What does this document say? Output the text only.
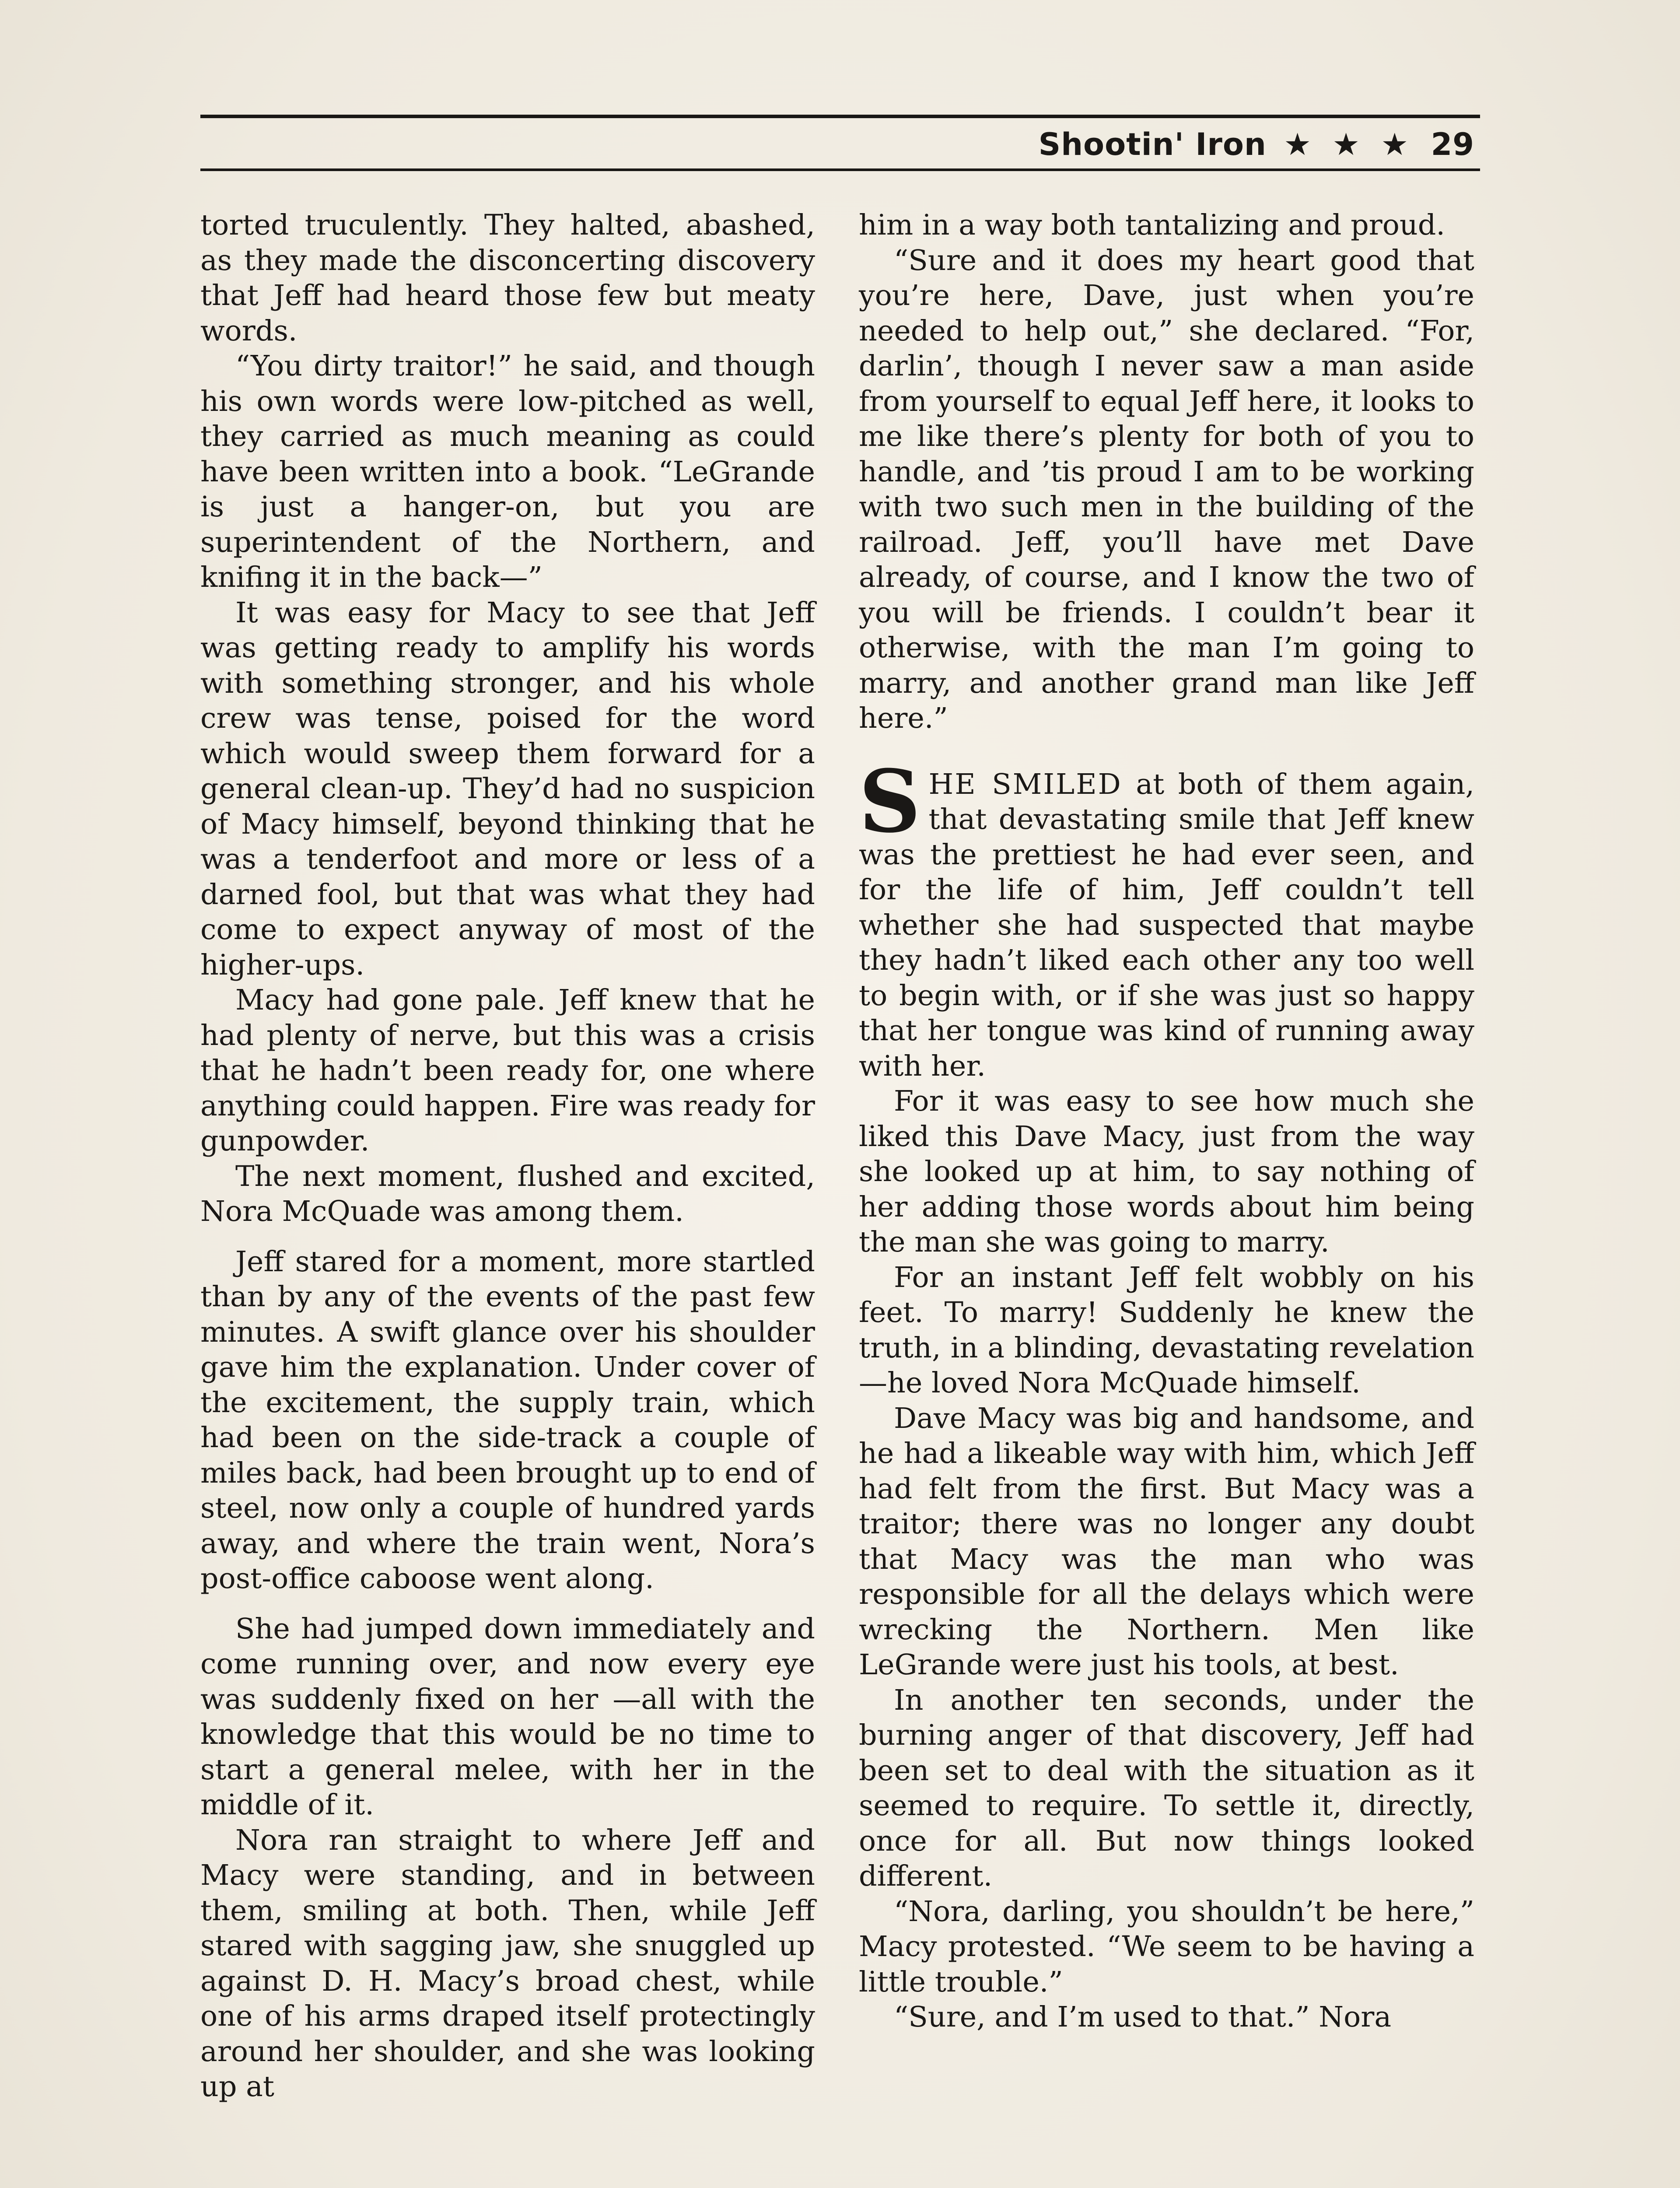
Shootin' Iron ★ ★ ★ 29

torted truculently. They halted, abashed, as they made the disconcerting discovery that Jeff had heard those few but meaty words.

“You dirty traitor!” he said, and though his own words were low-pitched as well, they carried as much meaning as could have been written into a book. “LeGrande is just a hanger-on, but you are superintendent of the Northern, and knifing it in the back—”

It was easy for Macy to see that Jeff was getting ready to amplify his words with something stronger, and his whole crew was tense, poised for the word which would sweep them forward for a general clean-up. They’d had no suspicion of Macy himself, beyond thinking that he was a tenderfoot and more or less of a darned fool, but that was what they had come to expect anyway of most of the higher-ups.

Macy had gone pale. Jeff knew that he had plenty of nerve, but this was a crisis that he hadn’t been ready for, one where anything could happen. Fire was ready for gunpowder.

The next moment, flushed and excited, Nora McQuade was among them.

Jeff stared for a moment, more startled than by any of the events of the past few minutes. A swift glance over his shoulder gave him the explanation. Under cover of the excitement, the supply train, which had been on the side-track a couple of miles back, had been brought up to end of steel, now only a couple of hundred yards away, and where the train went, Nora’s post-office caboose went along.

She had jumped down immediately and come running over, and now every eye was suddenly fixed on her —all with the knowledge that this would be no time to start a general melee, with her in the middle of it.

Nora ran straight to where Jeff and Macy were standing, and in between them, smiling at both. Then, while Jeff stared with sagging jaw, she snuggled up against D. H. Macy’s broad chest, while one of his arms draped itself protectingly around her shoulder, and she was looking up at

him in a way both tantalizing and proud.

“Sure and it does my heart good that you’re here, Dave, just when you’re needed to help out,” she declared. “For, darlin’, though I never saw a man aside from yourself to equal Jeff here, it looks to me like there’s plenty for both of you to handle, and ’tis proud I am to be working with two such men in the building of the railroad. Jeff, you’ll have met Dave already, of course, and I know the two of you will be friends. I couldn’t bear it otherwise, with the man I’m going to marry, and another grand man like Jeff here.”

SHE SMILED at both of them again, that devastating smile that Jeff knew was the prettiest he had ever seen, and for the life of him, Jeff couldn’t tell whether she had suspected that maybe they hadn’t liked each other any too well to begin with, or if she was just so happy that her tongue was kind of running away with her.

For it was easy to see how much she liked this Dave Macy, just from the way she looked up at him, to say nothing of her adding those words about him being the man she was going to marry.

For an instant Jeff felt wobbly on his feet. To marry! Suddenly he knew the truth, in a blinding, devastating revelation—he loved Nora McQuade himself.

Dave Macy was big and handsome, and he had a likeable way with him, which Jeff had felt from the first. But Macy was a traitor; there was no longer any doubt that Macy was the man who was responsible for all the delays which were wrecking the Northern. Men like LeGrande were just his tools, at best.

In another ten seconds, under the burning anger of that discovery, Jeff had been set to deal with the situation as it seemed to require. To settle it, directly, once for all. But now things looked different.

“Nora, darling, you shouldn’t be here,” Macy protested. “We seem to be having a little trouble.”

“Sure, and I’m used to that.” Nora
